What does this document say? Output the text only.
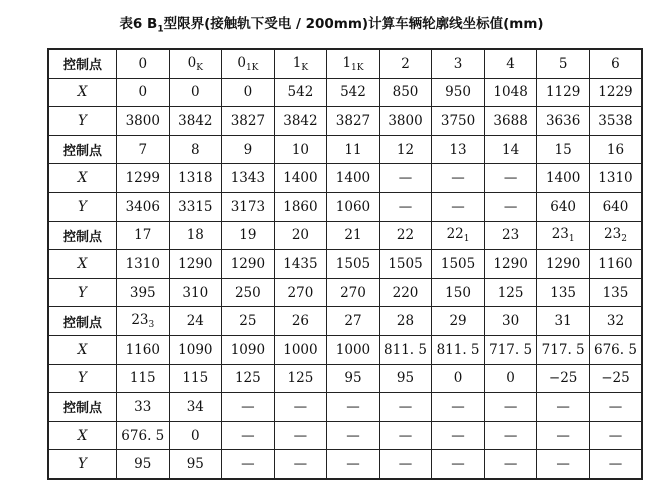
表6 $B_1$型限界(接触轨下受电 / 200mm)计算车辆轮廓线坐标值(mm)
控制点	0	$0_K$	$0_{1K}$	$1_K$	$1_{1K}$	2	3	4	5	6
X	0	0	0	542	542	850	950	1048	1129	1229
Y	3800	3842	3827	3842	3827	3800	3750	3688	3636	3538
控制点	7	8	9	10	11	12	13	14	15	16
X	1299	1318	1343	1400	1400	—	—	—	1400	1310
Y	3406	3315	3173	1860	1060	—	—	—	640	640
控制点	17	18	19	20	21	22	$22_1$	23	$23_1$	$23_2$
X	1310	1290	1290	1435	1505	1505	1505	1290	1290	1160
Y	395	310	250	270	270	220	150	125	135	135
控制点	$23_3$	24	25	26	27	28	29	30	31	32
X	1160	1090	1090	1000	1000	811. 5	811. 5	717. 5	717. 5	676. 5
Y	115	115	125	125	95	95	0	0	−25	−25
控制点	33	34	—	—	—	—	—	—	—	—
X	676. 5	0	—	—	—	—	—	—	—	—
Y	95	95	—	—	—	—	—	—	—	—
